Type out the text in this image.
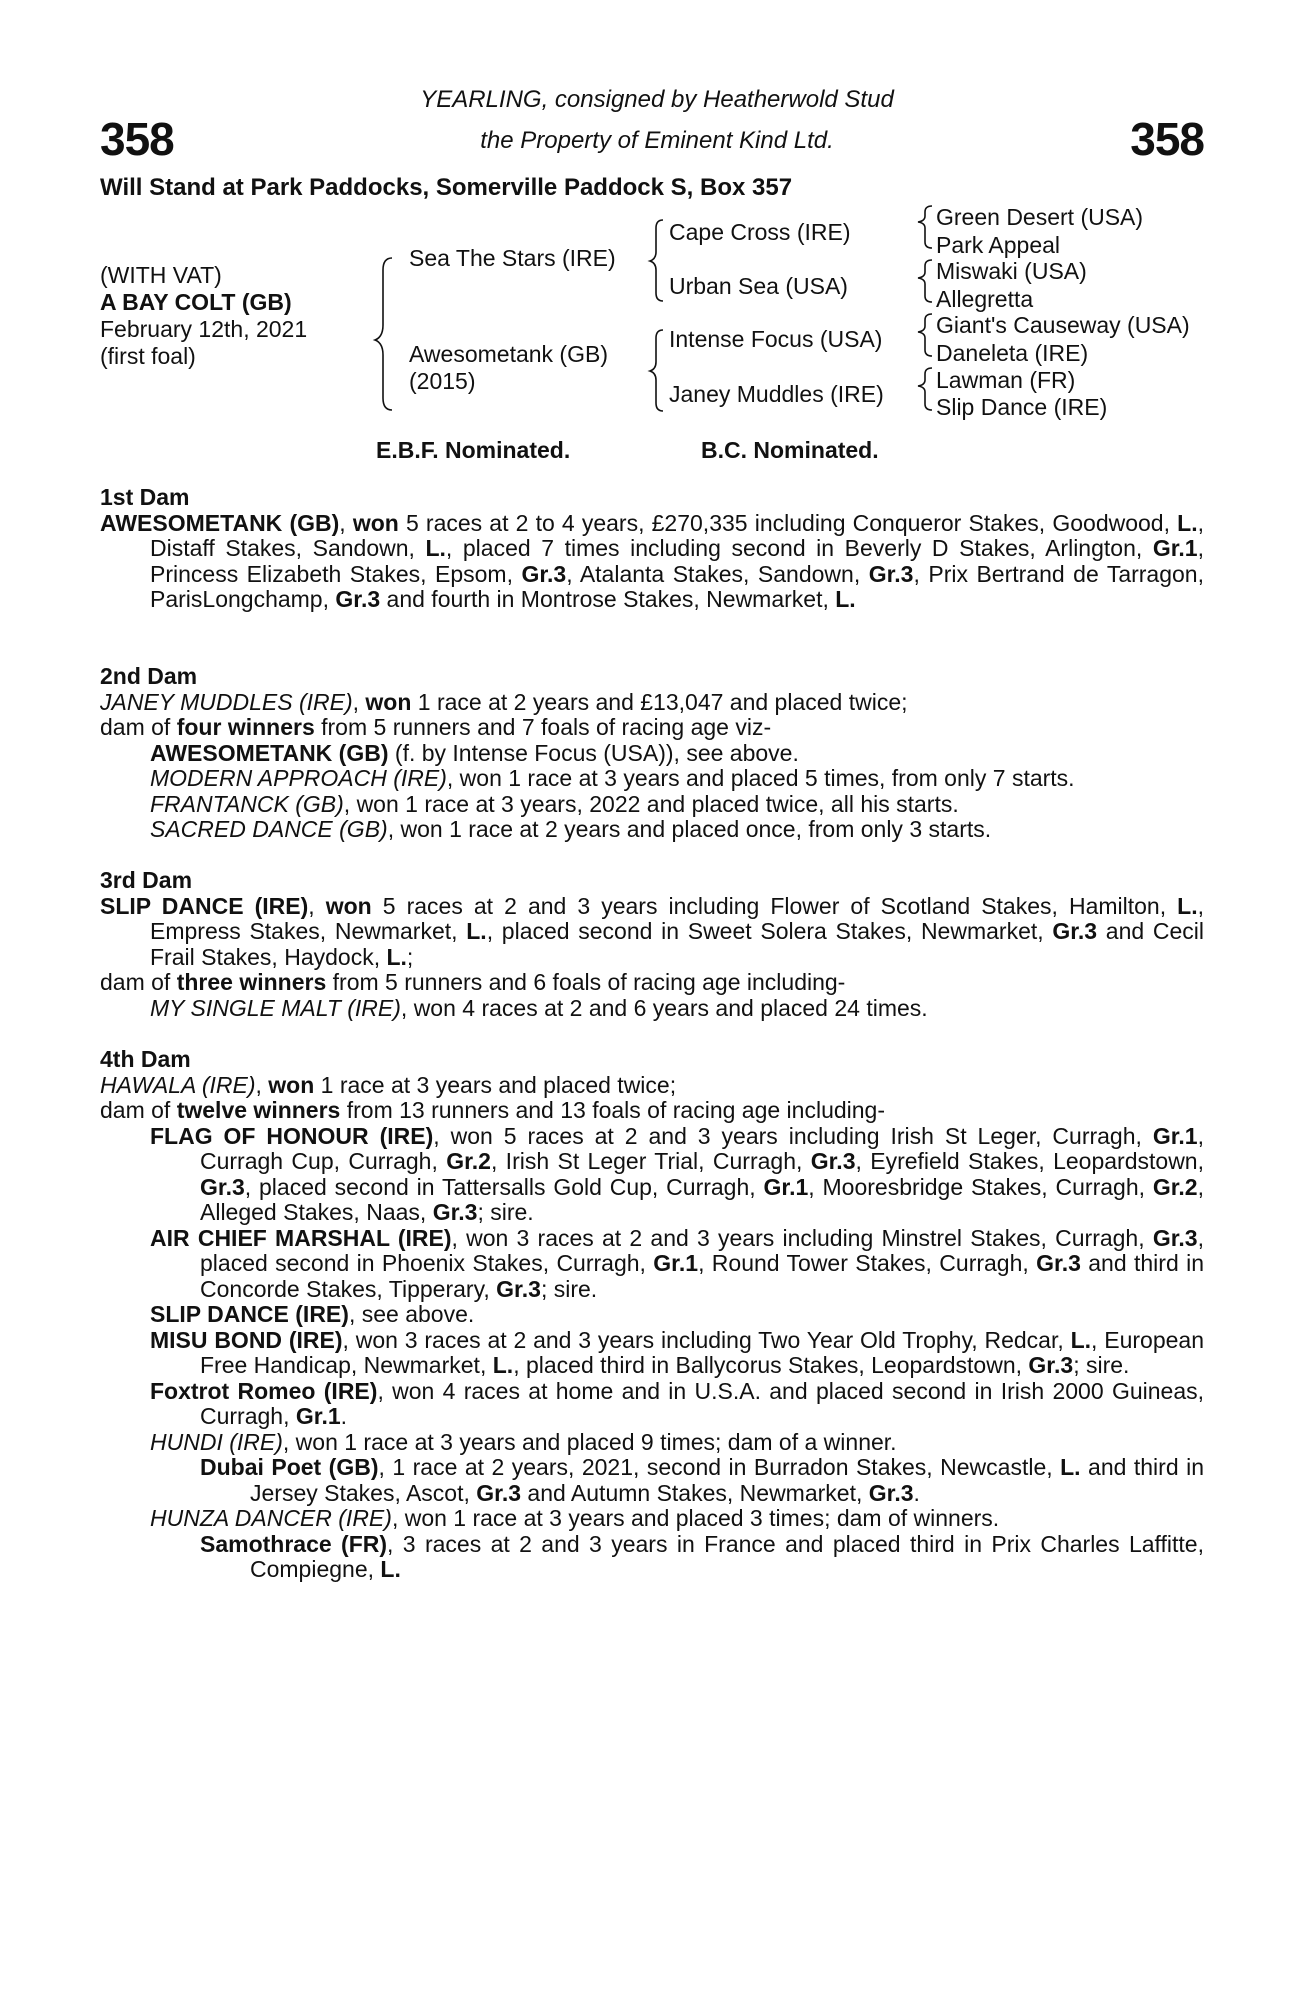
358	358
YEARLING, consigned by Heatherwold Stud
the Property of Eminent Kind Ltd.
Will Stand at Park Paddocks, Somerville Paddock S, Box 357
(WITH VAT)
A BAY COLT (GB)
February 12th, 2021
(first foal)
Sea The Stars (IRE)
Awesometank (GB)
(2015)
Cape Cross (IRE)
Urban Sea (USA)
Intense Focus (USA)
Janey Muddles (IRE)
Green Desert (USA)
Park Appeal
Miswaki (USA)
Allegretta
Giant's Causeway (USA)
Daneleta (IRE)
Lawman (FR)
Slip Dance (IRE)
E.B.F. Nominated.	B.C. Nominated.
1st Dam

AWESOMETANK (GB), won 5 races at 2 to 4 years, £270,335 including Conqueror Stakes, Goodwood, L., Distaff Stakes, Sandown, L., placed 7 times including second in Beverly D Stakes, Arlington, Gr.1, Princess Elizabeth Stakes, Epsom, Gr.3, Atalanta Stakes, Sandown, Gr.3, Prix Bertrand de Tarragon, ParisLongchamp, Gr.3 and fourth in Montrose Stakes, Newmarket, L.

2nd Dam

JANEY MUDDLES (IRE), won 1 race at 2 years and £13,047 and placed twice;

dam of four winners from 5 runners and 7 foals of racing age viz-

AWESOMETANK (GB) (f. by Intense Focus (USA)), see above.

MODERN APPROACH (IRE), won 1 race at 3 years and placed 5 times, from only 7 starts.

FRANTANCK (GB), won 1 race at 3 years, 2022 and placed twice, all his starts.

SACRED DANCE (GB), won 1 race at 2 years and placed once, from only 3 starts.

3rd Dam

SLIP DANCE (IRE), won 5 races at 2 and 3 years including Flower of Scotland Stakes, Hamilton, L., Empress Stakes, Newmarket, L., placed second in Sweet Solera Stakes, Newmarket, Gr.3 and Cecil Frail Stakes, Haydock, L.;

dam of three winners from 5 runners and 6 foals of racing age including-

MY SINGLE MALT (IRE), won 4 races at 2 and 6 years and placed 24 times.

4th Dam

HAWALA (IRE), won 1 race at 3 years and placed twice;

dam of twelve winners from 13 runners and 13 foals of racing age including-

FLAG OF HONOUR (IRE), won 5 races at 2 and 3 years including Irish St Leger, Curragh, Gr.1, Curragh Cup, Curragh, Gr.2, Irish St Leger Trial, Curragh, Gr.3, Eyrefield Stakes, Leopardstown, Gr.3, placed second in Tattersalls Gold Cup, Curragh, Gr.1, Mooresbridge Stakes, Curragh, Gr.2, Alleged Stakes, Naas, Gr.3; sire.

AIR CHIEF MARSHAL (IRE), won 3 races at 2 and 3 years including Minstrel Stakes, Curragh, Gr.3, placed second in Phoenix Stakes, Curragh, Gr.1, Round Tower Stakes, Curragh, Gr.3 and third in Concorde Stakes, Tipperary, Gr.3; sire.

SLIP DANCE (IRE), see above.

MISU BOND (IRE), won 3 races at 2 and 3 years including Two Year Old Trophy, Redcar, L., European Free Handicap, Newmarket, L., placed third in Ballycorus Stakes, Leopardstown, Gr.3; sire.

Foxtrot Romeo (IRE), won 4 races at home and in U.S.A. and placed second in Irish 2000 Guineas, Curragh, Gr.1.

HUNDI (IRE), won 1 race at 3 years and placed 9 times; dam of a winner.

Dubai Poet (GB), 1 race at 2 years, 2021, second in Burradon Stakes, Newcastle, L. and third in Jersey Stakes, Ascot, Gr.3 and Autumn Stakes, Newmarket, Gr.3.

HUNZA DANCER (IRE), won 1 race at 3 years and placed 3 times; dam of winners.

Samothrace (FR), 3 races at 2 and 3 years in France and placed third in Prix Charles Laffitte, Compiegne, L.
